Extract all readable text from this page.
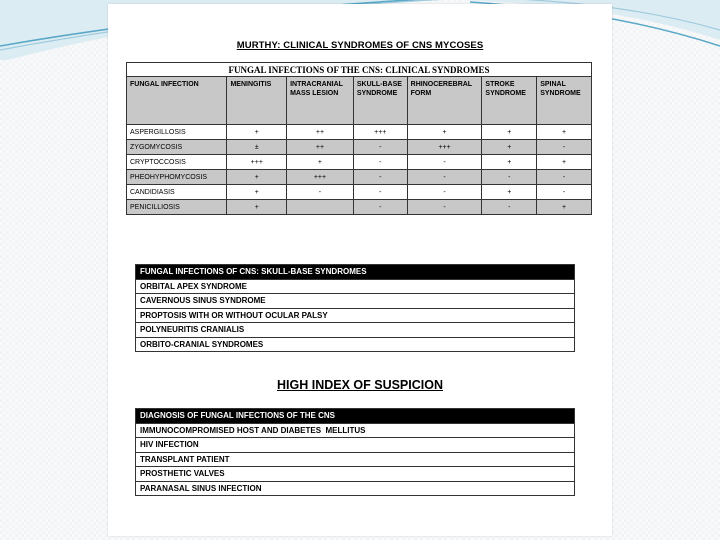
MURTHY: CLINICAL SYNDROMES OF CNS MYCOSES
FUNGAL INFECTIONS OF THE CNS: CLINICAL SYNDROMES						
FUNGAL INFECTION	MENINGITIS	INTRACRANIAL MASS LESION	SKULL-BASE SYNDROME	RHINOCEREBRAL FORM	STROKE SYNDROME	SPINAL SYNDROME
ASPERGILLOSIS	+	++	+++	+	+	+
ZYGOMYCOSIS	±	++	-	+++	+	-
CRYPTOCCOSIS	+++	+	-	-	+	+
PHEOHYPHOMYCOSIS	+	+++	-	-	-	-
CANDIDIASIS	+	-	-	-	+	-
PENICILLIOSIS	+		-	-	-	+
FUNGAL INFECTIONS OF CNS: SKULL-BASE SYNDROMES
ORBITAL APEX SYNDROME
CAVERNOUS SINUS SYNDROME
PROPTOSIS WITH OR WITHOUT OCULAR PALSY
POLYNEURITIS CRANIALIS
ORBITO-CRANIAL SYNDROMES
HIGH INDEX OF SUSPICION
DIAGNOSIS OF FUNGAL INFECTIONS OF THE CNS
IMMUNOCOMPROMISED HOST AND DIABETES  MELLITUS
HIV INFECTION
TRANSPLANT PATIENT
PROSTHETIC VALVES
PARANASAL SINUS INFECTION
